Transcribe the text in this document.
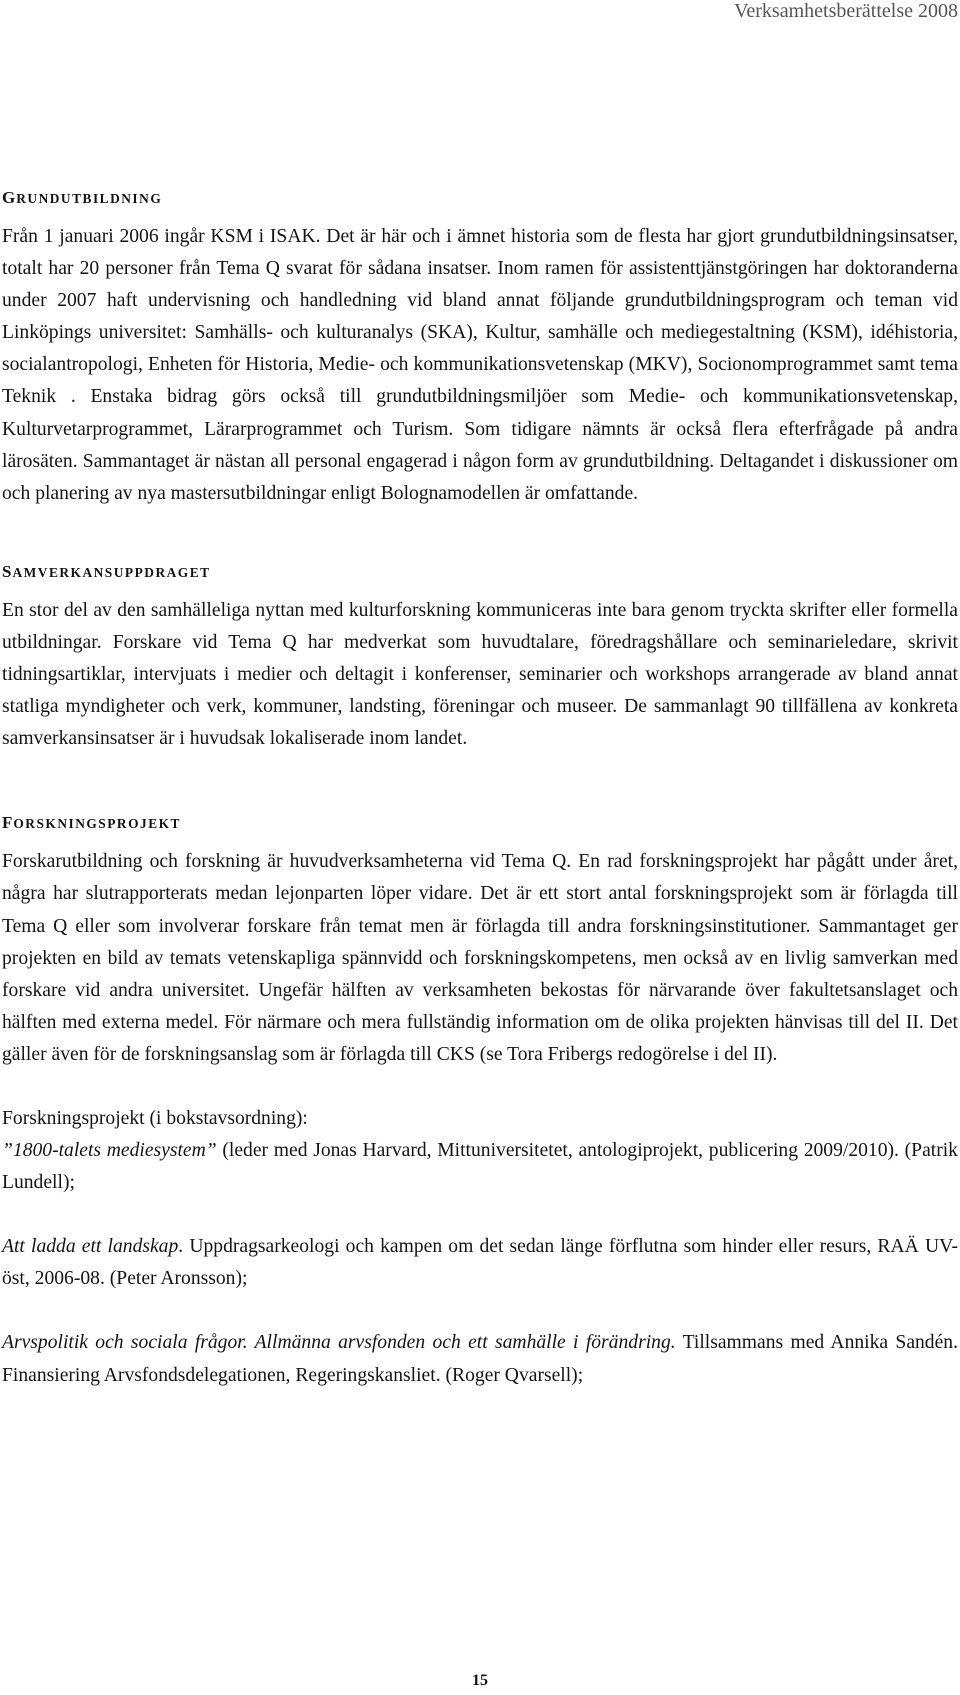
Verksamhetsberättelse 2008
GRUNDUTBILDNING

Från 1 januari 2006 ingår KSM i ISAK. Det är här och i ämnet historia som de flesta har gjort grundutbildningsinsatser, totalt har 20 personer från Tema Q svarat för sådana insatser. Inom ramen för assistenttjänstgöringen har doktoranderna under 2007 haft undervisning och handledning vid bland annat följande grundutbildningsprogram och teman vid Linköpings universitet: Samhälls- och kulturanalys (SKA), Kultur, samhälle och mediegestaltning (KSM), idéhistoria, socialantropologi, Enheten för Historia, Medie- och kommunikationsvetenskap (MKV), Socionomprogrammet samt tema Teknik . Enstaka bidrag görs också till grundutbildningsmiljöer som Medie- och kommunikationsvetenskap, Kulturvetarprogrammet, Lärarprogrammet och Turism. Som tidigare nämnts är också flera efterfrågade på andra lärosäten. Sammantaget är nästan all personal engagerad i någon form av grundutbildning. Deltagandet i diskussioner om och planering av nya mastersutbildningar enligt Bolognamodellen är omfattande.

SAMVERKANSUPPDRAGET

En stor del av den samhälleliga nyttan med kulturforskning kommuniceras inte bara genom tryckta skrifter eller formella utbildningar. Forskare vid Tema Q har medverkat som huvudtalare, föredragshållare och seminarieledare, skrivit tidningsartiklar, intervjuats i medier och deltagit i konferenser, seminarier och workshops arrangerade av bland annat statliga myndigheter och verk, kommuner, landsting, föreningar och museer. De sammanlagt 90 tillfällena av konkreta samverkansinsatser är i huvudsak lokaliserade inom landet.

FORSKNINGSPROJEKT

Forskarutbildning och forskning är huvudverksamheterna vid Tema Q. En rad forskningsprojekt har pågått under året, några har slutrapporterats medan lejonparten löper vidare. Det är ett stort antal forskningsprojekt som är förlagda till Tema Q eller som involverar forskare från temat men är förlagda till andra forskningsinstitutioner. Sammantaget ger projekten en bild av temats vetenskapliga spännvidd och forskningskompetens, men också av en livlig samverkan med forskare vid andra universitet. Ungefär hälften av verksamheten bekostas för närvarande över fakultetsanslaget och hälften med externa medel. För närmare och mera fullständig information om de olika projekten hänvisas till del II. Det gäller även för de forskningsanslag som är förlagda till CKS (se Tora Fribergs redogörelse i del II).

Forskningsprojekt (i bokstavsordning):

”1800-talets mediesystem” (leder med Jonas Harvard, Mittuniversitetet, antologiprojekt, publicering 2009/2010). (Patrik Lundell);

Att ladda ett landskap. Uppdragsarkeologi och kampen om det sedan länge förflutna som hinder eller resurs, RAÄ UV-öst, 2006-08. (Peter Aronsson);

Arvspolitik och sociala frågor. Allmänna arvsfonden och ett samhälle i förändring. Tillsammans med Annika Sandén. Finansiering Arvsfondsdelegationen, Regeringskansliet. (Roger Qvarsell);

15
